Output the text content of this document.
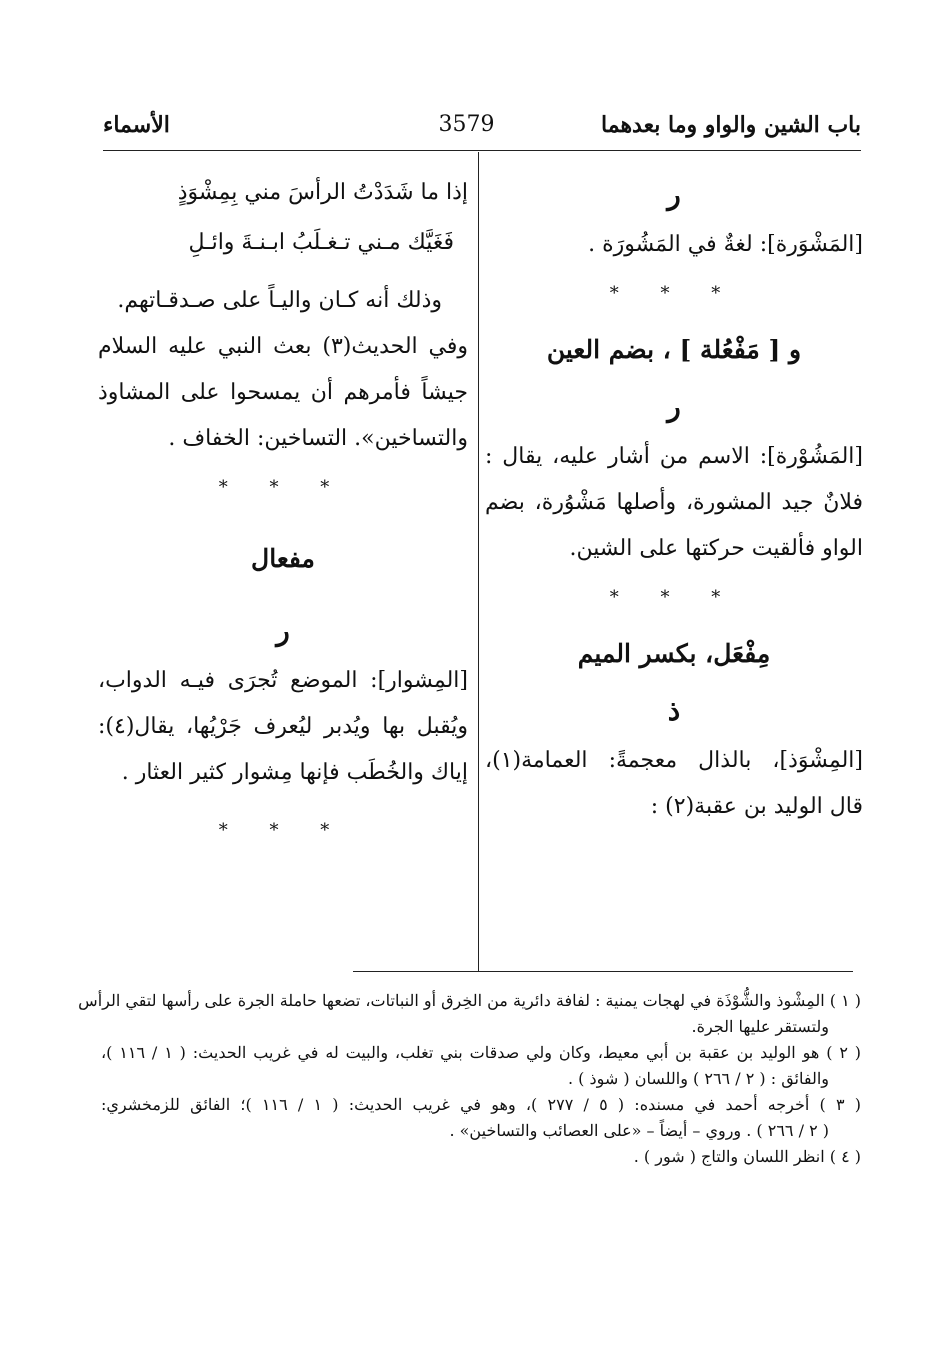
باب الشين والواو وما بعدهما
3579
الأسماء
ر
[المَشْوَرة]: لغةٌ في المَشُورَة .
* * *
و [ مَفْعُلة ] ، بضم العين
ر
[المَشُوْرة]: الاسم من أشار عليه، يقال :
فلانٌ جيد المشورة، وأصلها مَشْوُرة، بضم
الواو فألقيت حركتها على الشين.
* * *
مِفْعَل، بكسر الميم
ذ
[المِشْوَذ]، بالذال معجمةً: العمامة(١)،
قال الوليد بن عقبة(٢) :
إذا ما شَدَدْتُ الرأسَ مني بِمِشْوَذٍ
فَغَيَّك مـني تـغـلَبُ ابـنـةَ وائـلِ
وذلك أنه كـان واليـاً على صـدقـاتهم.
وفي الحديث(٣) بعث النبي عليه السلام
جيشاً فأمرهم أن يمسحوا على المشاوذ
والتساخين». التساخين: الخفاف .
* * *
مفعال
ر
[المِشوار]: الموضع تُجرَى فيـه الدواب،
ويُقبل بها ويُدبر ليُعرف جَرْيُها، يقال(٤):
إياك والخُطَب فإنها مِشوار كثير العثار .
* * *
( ١ ) المِشْوذ والشُّوْذَة في لهجات يمنية : لفافة دائرية من الخِرق أو النباتات، تضعها حاملة الجرة على رأسها لتقي الرأس
ولتستقر عليها الجرة.
( ٢ ) هو الوليد بن عقبة بن أبي معيط، وكان ولي صدقات بني تغلب، والبيت له في غريب الحديث: ( ١ / ١١٦ )،
والفائق : ( ٢ / ٢٦٦ ) واللسان ( شوذ ) .
( ٣ ) أخرجه أحمد في مسنده: ( ٥ / ٢٧٧ )، وهو في غريب الحديث: ( ١ / ١١٦ )؛ الفائق للزمخشري:
( ٢ / ٢٦٦ ) . وروي – أيضاً – «على العصائب والتساخين» .
( ٤ ) انظر اللسان والتاج ( شور ) .
